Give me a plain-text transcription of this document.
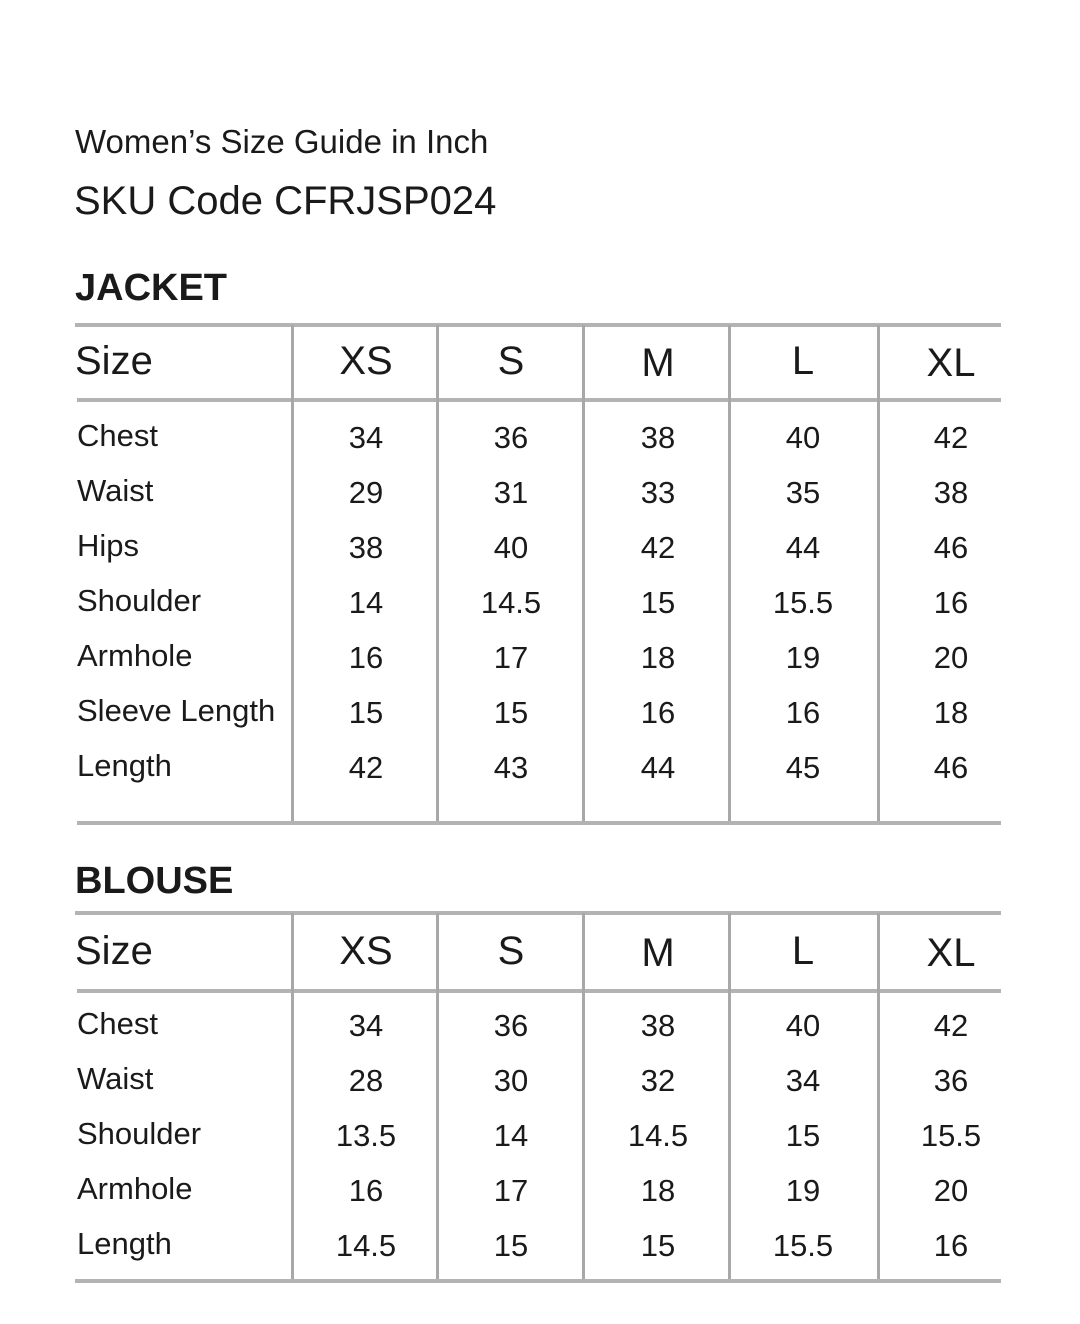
Women’s Size Guide in Inch
SKU Code CFRJSP024
JACKET
Size	XS	S	M	L	XL
Chest	34	36	38	40	42
Waist	29	31	33	35	38
Hips	38	40	42	44	46
Shoulder	14	14.5	15	15.5	16
Armhole	16	17	18	19	20
Sleeve Length	15	15	16	16	18
Length	42	43	44	45	46
BLOUSE
Size	XS	S	M	L	XL
Chest	34	36	38	40	42
Waist	28	30	32	34	36
Shoulder	13.5	14	14.5	15	15.5
Armhole	16	17	18	19	20
Length	14.5	15	15	15.5	16
